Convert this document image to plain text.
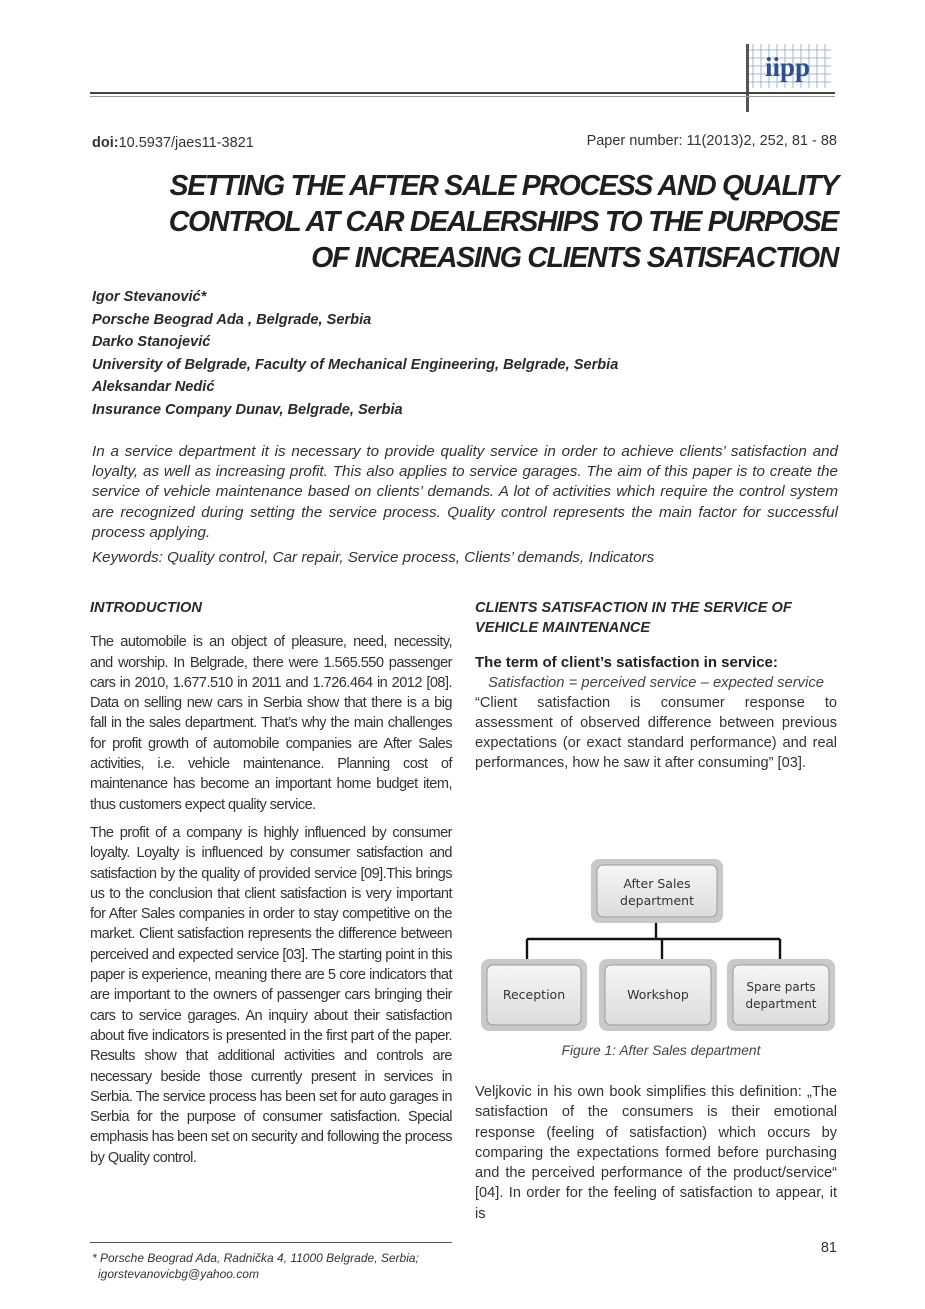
iipp
doi:10.5937/jaes11-3821	Paper number: 11(2013)2, 252, 81 - 88
SETTING THE AFTER SALE PROCESS AND QUALITY
CONTROL AT CAR DEALERSHIPS TO THE PURPOSE
OF INCREASING CLIENTS SATISFACTION
Igor Stevanović*
Porsche Beograd Ada , Belgrade, Serbia
Darko Stanojević
University of Belgrade, Faculty of Mechanical Engineering, Belgrade, Serbia
Aleksandar Nedić
Insurance Company Dunav, Belgrade, Serbia
In a service department it is necessary to provide quality service in order to achieve clients’ satisfaction and loyalty, as well as increasing profit. This also applies to service garages. The aim of this paper is to create the service of vehicle maintenance based on clients’ demands. A lot of activities which require the control system are recognized during setting the service process. Quality control represents the main factor for successful process applying.
Keywords: Quality control, Car repair, Service process, Clients’ demands, Indicators
INTRODUCTION
The automobile is an object of pleasure, need, necessity, and worship. In Belgrade, there were 1.565.550 passenger cars in 2010, 1.677.510 in 2011 and 1.726.464 in 2012 [08]. Data on selling new cars in Serbia show that there is a big fall in the sales department. That’s why the main challenges for profit growth of automobile companies are After Sales activities, i.e. vehicle maintenance. Planning cost of maintenance has become an important home budget item, thus customers expect quality service.
The profit of a company is highly influenced by consumer loyalty. Loyalty is influenced by consumer satisfaction and satisfaction by the quality of provided service [09].This brings us to the conclusion that client satisfaction is very important for After Sales companies in order to stay competitive on the market. Client satisfaction represents the difference between perceived and expected service [03]. The starting point in this paper is experience, meaning there are 5 core indicators that are important to the owners of passenger cars bringing their cars to service garages. An inquiry about their satisfaction about five indicators is presented in the first part of the paper. Results show that additional activities and controls are necessary beside those currently present in services in Serbia. The service process has been set for auto garages in Serbia for the purpose of consumer satisfaction. Special emphasis has been set on security and following the process by Quality control.
CLIENTS SATISFACTION IN THE SERVICE OF VEHICLE MAINTENANCE
The term of client’s satisfaction in service:
Satisfaction = perceived service – expected service
“Client satisfaction is consumer response to assessment of observed difference between previous expectations (or exact standard performance) and real performances, how he saw it after consuming” [03].
After Sales
department
Reception	Workshop	Spare parts
department
Figure 1: After Sales department
Veljkovic in his own book simplifies this definition: „The satisfaction of the consumers is their emotional response (feeling of satisfaction) which occurs by comparing the expectations formed before purchasing and the perceived performance of the product/service“ [04]. In order for the feeling of satisfaction to appear, it is
* Porsche Beograd Ada, Radnička 4, 11000 Belgrade, Serbia;
igorstevanovicbg@yahoo.com
81
